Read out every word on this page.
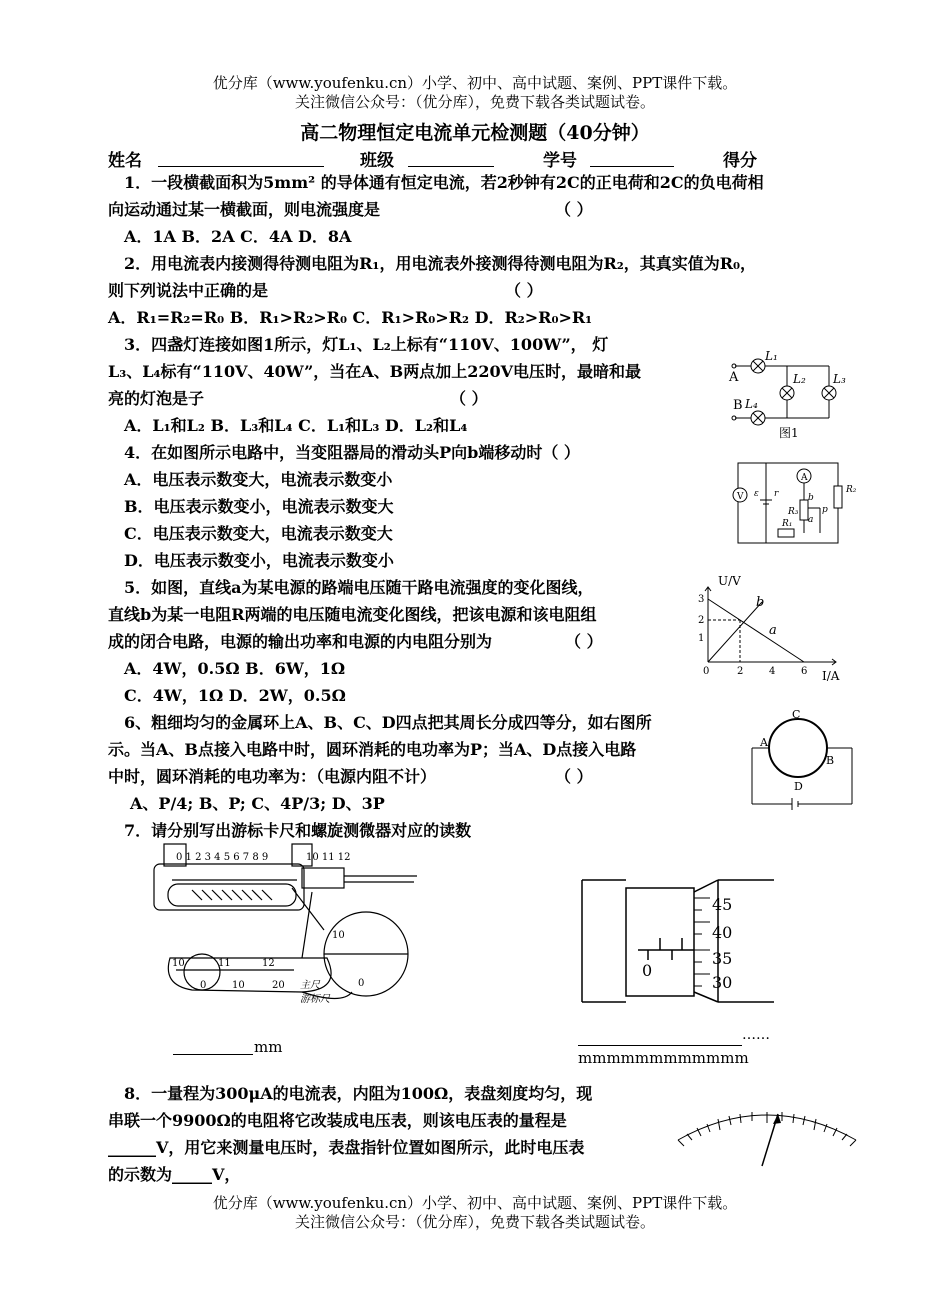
优分库（www.youfenku.cn）小学、初中、高中试题、案例、PPT课件下载。
关注微信公众号：（优分库），免费下载各类试题试卷。
高二物理恒定电流单元检测题（40分钟）
姓名	班级	学号	得分
1．一段横截面积为5mm² 的导体通有恒定电流，若2秒钟有2C的正电荷和2C的负电荷相
向运动通过某一横截面，则电流强度是	（ ）
A．1A B．2A C．4A D．8A
2．用电流表内接测得待测电阻为R₁，用电流表外接测得待测电阻为R₂，其真实值为R₀，
则下列说法中正确的是	（ ）
A．R₁=R₂=R₀ B．R₁>R₂>R₀ C．R₁>R₀>R₂ D．R₂>R₀>R₁
3．四盏灯连接如图1所示，灯L₁、L₂上标有“110V、100W”， 灯
L₃、L₄标有“110V、40W”，当在A、B两点加上220V电压时，最暗和最
亮的灯泡是子	（ ）
A．L₁和L₂ B．L₃和L₄ C．L₁和L₃ D．L₂和L₄
A
B
L₁
L₂ L₃
L₄
图1
4．在如图所示电路中，当变阻器局的滑动头P向b端移动时（ ）
A．电压表示数变大，电流表示数变小
B．电压表示数变小，电流表示数变大
C．电压表示数变大，电流表示数变大
D．电压表示数变小，电流表示数变小
V
A
ε r
R₁
R₂
R₃
a
b
p
5．如图，直线a为某电源的路端电压随干路电流强度的变化图线，
直线b为某一电阻R两端的电压随电流变化图线，把该电源和该电阻组
成的闭合电路，电源的输出功率和电源的内电阻分别为	（ ）
A．4W，0.5Ω B．6W，1Ω
C．4W，1Ω D．2W，0.5Ω
U/V
3
2
1
0	2	4	6 I/A
b
a
6、粗细均匀的金属环上A、B、C、D四点把其周长分成四等分，如右图所
示。当A、B点接入电路中时，圆环消耗的电功率为P；当A、D点接入电路
中时，圆环消耗的电功率为：（电源内阻不计）	（ ）
A、P/4; B、P; C、4P/3; D、3P
A
B
C
D
7．请分别写出游标卡尺和螺旋测微器对应的读数
0 1 2 3 4 5 6 7 8 9	10 11 12
10	11	12
0	10	20
10
0
主尺
游标尺
mm
45
40
35
30
0
……
mmmmmmmmmmmm
8．一量程为300μA的电流表，内阻为100Ω，表盘刻度均匀，现
串联一个9900Ω的电阻将它改装成电压表，则该电压表的量程是
______V，用它来测量电压时，表盘指针位置如图所示，此时电压表
的示数为_____V，
优分库（www.youfenku.cn）小学、初中、高中试题、案例、PPT课件下载。
关注微信公众号：（优分库），免费下载各类试题试卷。
